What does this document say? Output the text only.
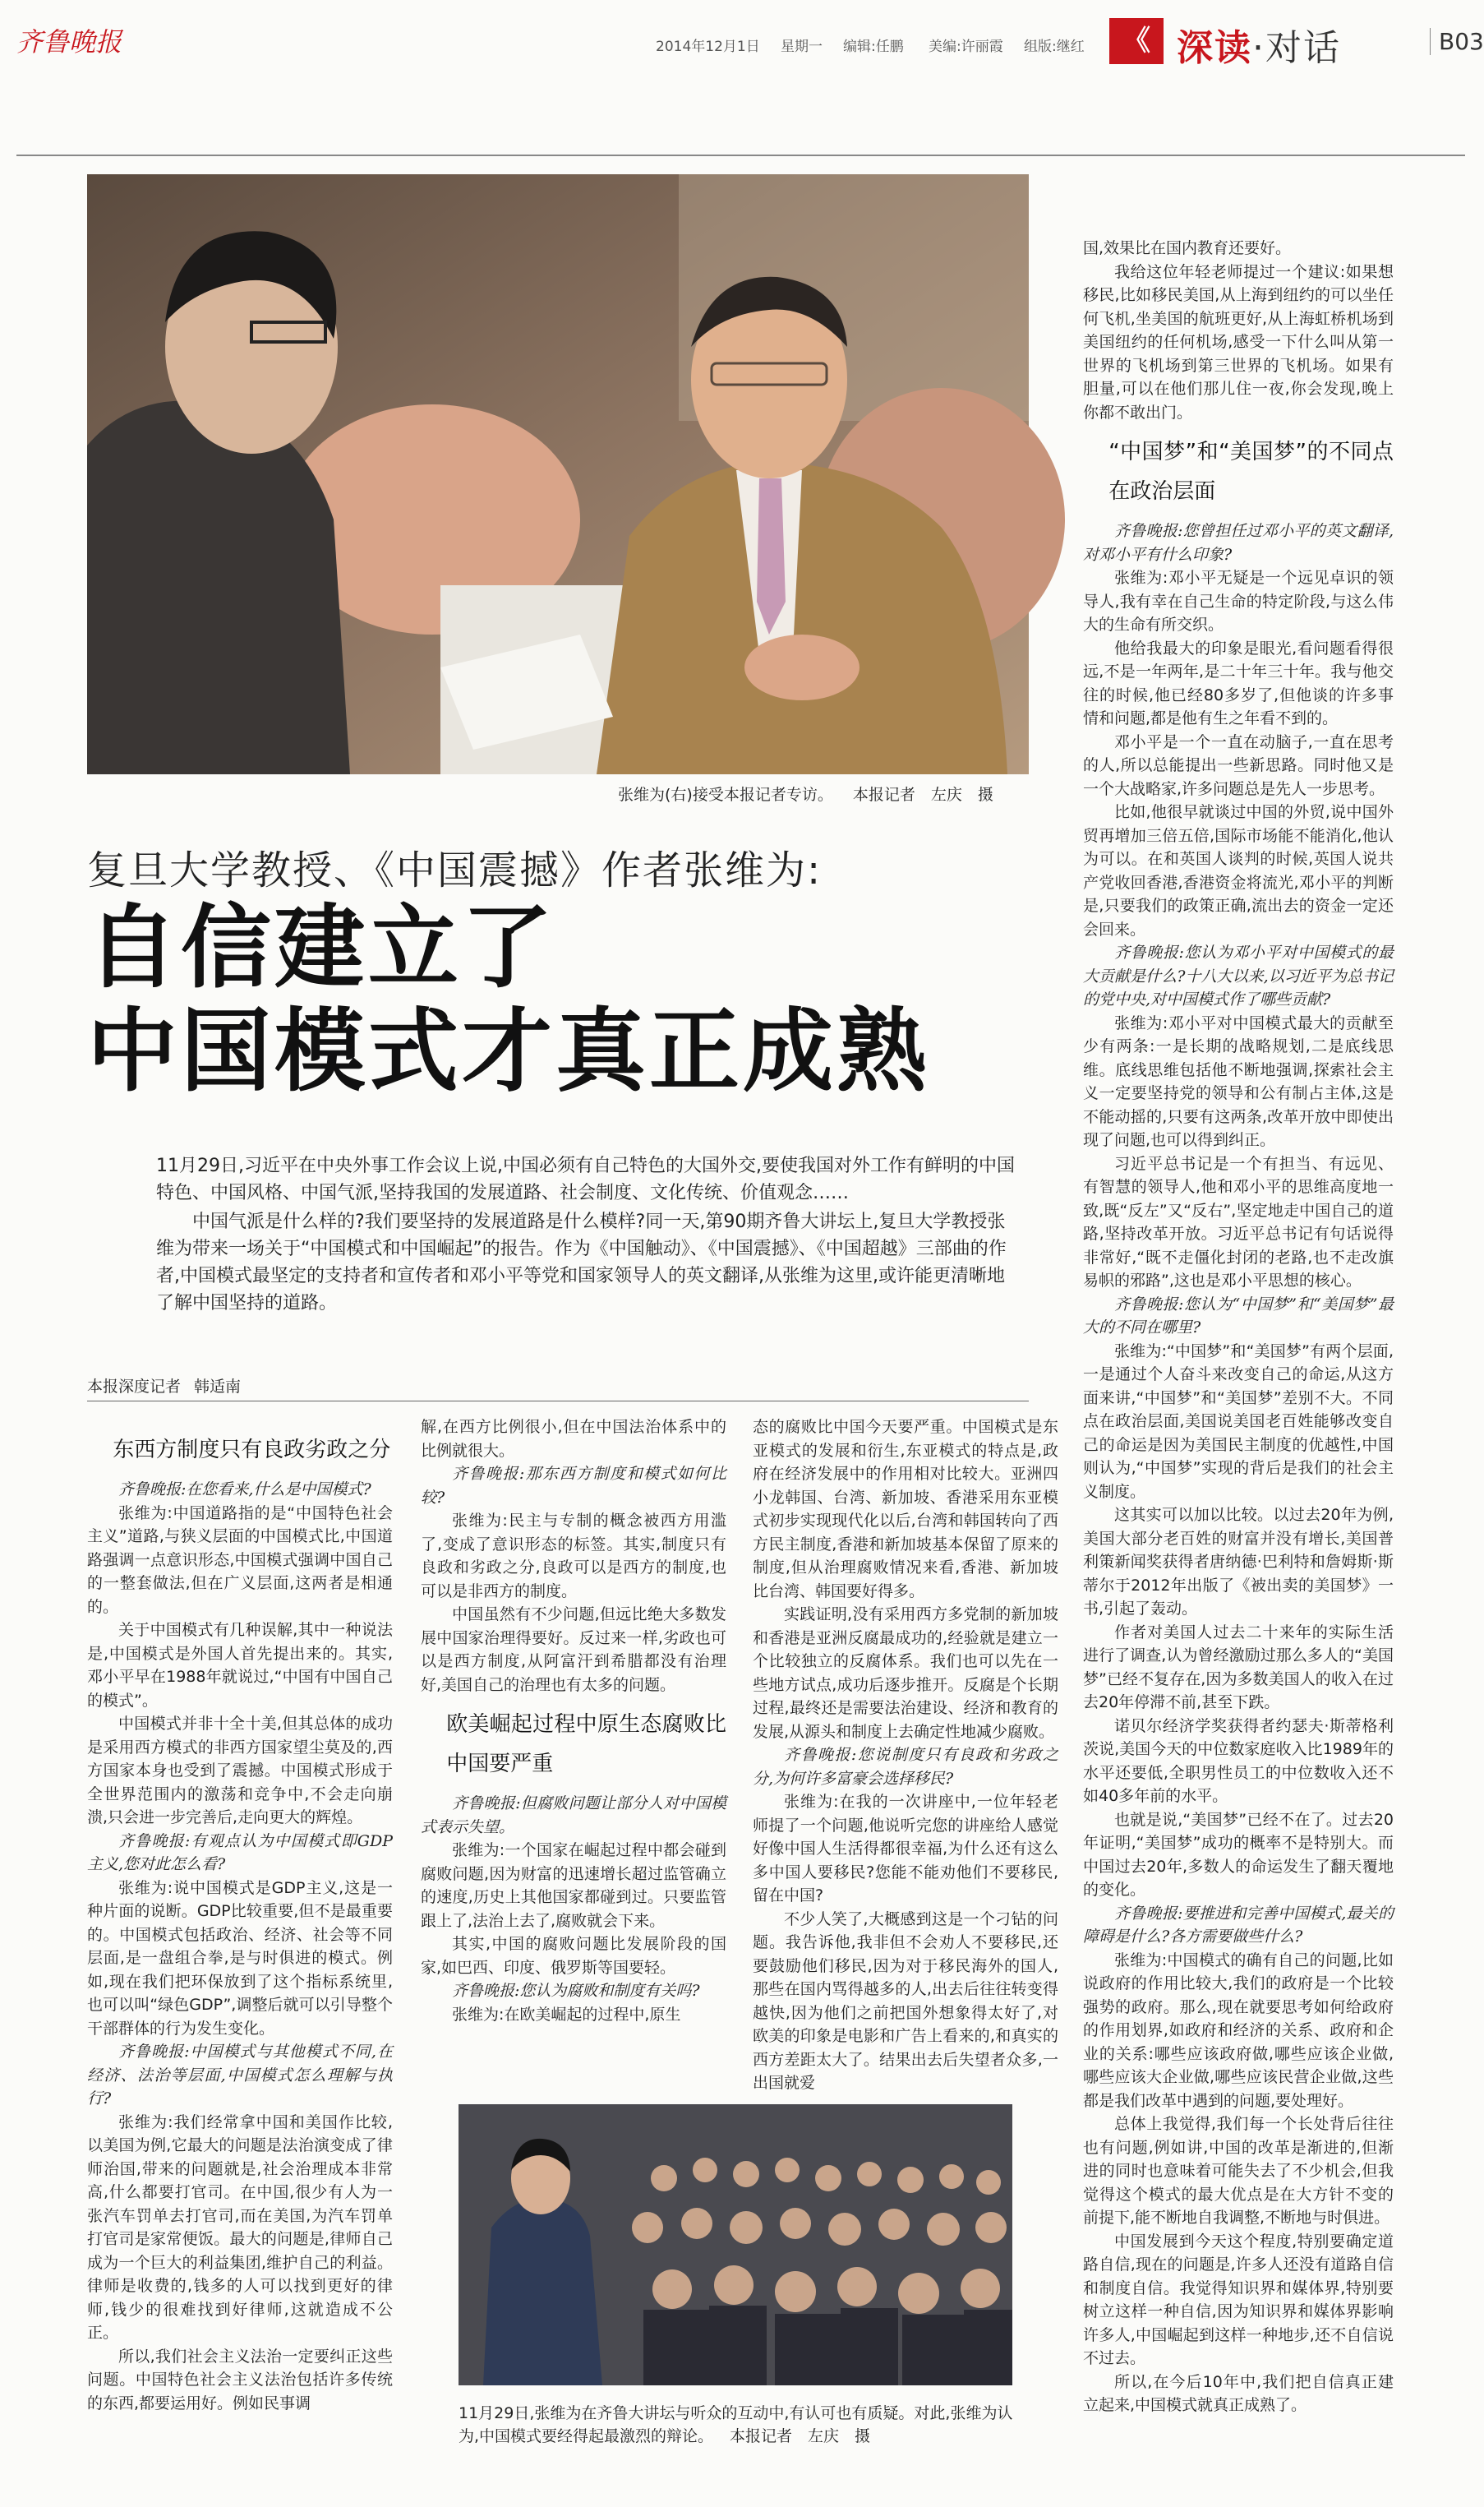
齐鲁晚报	2014年12月1日 星期一 编辑:任鹏 美编:许丽霞 组版:继红	《 深读·对话	B03
张维为(右)接受本报记者专访。 本报记者　左庆　摄
复旦大学教授、《中国震撼》作者张维为:
自信建立了
中国模式才真正成熟

11月29日,习近平在中央外事工作会议上说,中国必须有自己特色的大国外交,要使我国对外工作有鲜明的中国特色、中国风格、中国气派,坚持我国的发展道路、社会制度、文化传统、价值观念……

中国气派是什么样的?我们要坚持的发展道路是什么模样?同一天,第90期齐鲁大讲坛上,复旦大学教授张维为带来一场关于“中国模式和中国崛起”的报告。作为《中国触动》、《中国震撼》、《中国超越》三部曲的作者,中国模式最坚定的支持者和宣传者和邓小平等党和国家领导人的英文翻译,从张维为这里,或许能更清晰地了解中国坚持的道路。

本报深度记者 韩适南
东西方制度只有良政劣政之分

齐鲁晚报:在您看来,什么是中国模式?

张维为:中国道路指的是“中国特色社会主义”道路,与狭义层面的中国模式比,中国道路强调一点意识形态,中国模式强调中国自己的一整套做法,但在广义层面,这两者是相通的。

关于中国模式有几种误解,其中一种说法是,中国模式是外国人首先提出来的。其实,邓小平早在1988年就说过,“中国有中国自己的模式”。

中国模式并非十全十美,但其总体的成功是采用西方模式的非西方国家望尘莫及的,西方国家本身也受到了震撼。中国模式形成于全世界范围内的激荡和竞争中,不会走向崩溃,只会进一步完善后,走向更大的辉煌。

齐鲁晚报:有观点认为中国模式即GDP主义,您对此怎么看?

张维为:说中国模式是GDP主义,这是一种片面的说断。GDP比较重要,但不是最重要的。中国模式包括政治、经济、社会等不同层面,是一盘组合拳,是与时俱进的模式。例如,现在我们把环保放到了这个指标系统里,也可以叫“绿色GDP”,调整后就可以引导整个干部群体的行为发生变化。

齐鲁晚报:中国模式与其他模式不同,在经济、法治等层面,中国模式怎么理解与执行?

张维为:我们经常拿中国和美国作比较,以美国为例,它最大的问题是法治演变成了律师治国,带来的问题就是,社会治理成本非常高,什么都要打官司。在中国,很少有人为一张汽车罚单去打官司,而在美国,为汽车罚单打官司是家常便饭。最大的问题是,律师自己成为一个巨大的利益集团,维护自己的利益。律师是收费的,钱多的人可以找到更好的律师,钱少的很难找到好律师,这就造成不公正。

所以,我们社会主义法治一定要纠正这些问题。中国特色社会主义法治包括许多传统的东西,都要运用好。例如民事调

解,在西方比例很小,但在中国法治体系中的比例就很大。

齐鲁晚报:那东西方制度和模式如何比较?

张维为:民主与专制的概念被西方用滥了,变成了意识形态的标签。其实,制度只有良政和劣政之分,良政可以是西方的制度,也可以是非西方的制度。

中国虽然有不少问题,但远比绝大多数发展中国家治理得要好。反过来一样,劣政也可以是西方制度,从阿富汗到希腊都没有治理好,美国自己的治理也有太多的问题。

欧美崛起过程中原生态腐败比中国要严重

齐鲁晚报:但腐败问题让部分人对中国模式表示失望。

张维为:一个国家在崛起过程中都会碰到腐败问题,因为财富的迅速增长超过监管确立的速度,历史上其他国家都碰到过。只要监管跟上了,法治上去了,腐败就会下来。

其实,中国的腐败问题比发展阶段的国家,如巴西、印度、俄罗斯等国要轻。

齐鲁晚报:您认为腐败和制度有关吗?

张维为:在欧美崛起的过程中,原生

态的腐败比中国今天要严重。中国模式是东亚模式的发展和衍生,东亚模式的特点是,政府在经济发展中的作用相对比较大。亚洲四小龙韩国、台湾、新加坡、香港采用东亚模式初步实现现代化以后,台湾和韩国转向了西方民主制度,香港和新加坡基本保留了原来的制度,但从治理腐败情况来看,香港、新加坡比台湾、韩国要好得多。

实践证明,没有采用西方多党制的新加坡和香港是亚洲反腐最成功的,经验就是建立一个比较独立的反腐体系。我们也可以先在一些地方试点,成功后逐步推开。反腐是个长期过程,最终还是需要法治建设、经济和教育的发展,从源头和制度上去确定性地减少腐败。

齐鲁晚报:您说制度只有良政和劣政之分,为何许多富豪会选择移民?

张维为:在我的一次讲座中,一位年轻老师提了一个问题,他说听完您的讲座给人感觉好像中国人生活得都很幸福,为什么还有这么多中国人要移民?您能不能劝他们不要移民,留在中国?

不少人笑了,大概感到这是一个刁钻的问题。我告诉他,我非但不会劝人不要移民,还要鼓励他们移民,因为对于移民海外的国人,那些在国内骂得越多的人,出去后往往转变得越快,因为他们之前把国外想象得太好了,对欧美的印象是电影和广告上看来的,和真实的西方差距太大了。结果出去后失望者众多,一出国就爱

11月29日,张维为在齐鲁大讲坛与听众的互动中,有认可也有质疑。对此,张维为认为,中国模式要经得起最激烈的辩论。 本报记者　左庆　摄

国,效果比在国内教育还要好。

我给这位年轻老师提过一个建议:如果想移民,比如移民美国,从上海到纽约的可以坐任何飞机,坐美国的航班更好,从上海虹桥机场到美国纽约的任何机场,感受一下什么叫从第一世界的飞机场到第三世界的飞机场。如果有胆量,可以在他们那儿住一夜,你会发现,晚上你都不敢出门。

“中国梦”和“美国梦”的不同点在政治层面

齐鲁晚报:您曾担任过邓小平的英文翻译,对邓小平有什么印象?

张维为:邓小平无疑是一个远见卓识的领导人,我有幸在自己生命的特定阶段,与这么伟大的生命有所交织。

他给我最大的印象是眼光,看问题看得很远,不是一年两年,是二十年三十年。我与他交往的时候,他已经80多岁了,但他谈的许多事情和问题,都是他有生之年看不到的。

邓小平是一个一直在动脑子,一直在思考的人,所以总能提出一些新思路。同时他又是一个大战略家,许多问题总是先人一步思考。

比如,他很早就谈过中国的外贸,说中国外贸再增加三倍五倍,国际市场能不能消化,他认为可以。在和英国人谈判的时候,英国人说共产党收回香港,香港资金将流光,邓小平的判断是,只要我们的政策正确,流出去的资金一定还会回来。

齐鲁晚报:您认为邓小平对中国模式的最大贡献是什么?十八大以来,以习近平为总书记的党中央,对中国模式作了哪些贡献?

张维为:邓小平对中国模式最大的贡献至少有两条:一是长期的战略规划,二是底线思维。底线思维包括他不断地强调,探索社会主义一定要坚持党的领导和公有制占主体,这是不能动摇的,只要有这两条,改革开放中即使出现了问题,也可以得到纠正。

习近平总书记是一个有担当、有远见、有智慧的领导人,他和邓小平的思维高度地一致,既“反左”又“反右”,坚定地走中国自己的道路,坚持改革开放。习近平总书记有句话说得非常好,“既不走僵化封闭的老路,也不走改旗易帜的邪路”,这也是邓小平思想的核心。

齐鲁晚报:您认为“中国梦”和“美国梦”最大的不同在哪里?

张维为:“中国梦”和“美国梦”有两个层面,一是通过个人奋斗来改变自己的命运,从这方面来讲,“中国梦”和“美国梦”差别不大。不同点在政治层面,美国说美国老百姓能够改变自己的命运是因为美国民主制度的优越性,中国则认为,“中国梦”实现的背后是我们的社会主义制度。

这其实可以加以比较。以过去20年为例,美国大部分老百姓的财富并没有增长,美国普利策新闻奖获得者唐纳德·巴利特和詹姆斯·斯蒂尔于2012年出版了《被出卖的美国梦》一书,引起了轰动。

作者对美国人过去二十来年的实际生活进行了调查,认为曾经激励过那么多人的“美国梦”已经不复存在,因为多数美国人的收入在过去20年停滞不前,甚至下跌。

诺贝尔经济学奖获得者约瑟夫·斯蒂格利茨说,美国今天的中位数家庭收入比1989年的水平还要低,全职男性员工的中位数收入还不如40多年前的水平。

也就是说,“美国梦”已经不在了。过去20年证明,“美国梦”成功的概率不是特别大。而中国过去20年,多数人的命运发生了翻天覆地的变化。

齐鲁晚报:要推进和完善中国模式,最关的障碍是什么?各方需要做些什么?

张维为:中国模式的确有自己的问题,比如说政府的作用比较大,我们的政府是一个比较强势的政府。那么,现在就要思考如何给政府的作用划界,如政府和经济的关系、政府和企业的关系:哪些应该政府做,哪些应该企业做,哪些应该大企业做,哪些应该民营企业做,这些都是我们改革中遇到的问题,要处理好。

总体上我觉得,我们每一个长处背后往往也有问题,例如讲,中国的改革是渐进的,但渐进的同时也意味着可能失去了不少机会,但我觉得这个模式的最大优点是在大方针不变的前提下,能不断地自我调整,不断地与时俱进。

中国发展到今天这个程度,特别要确定道路自信,现在的问题是,许多人还没有道路自信和制度自信。我觉得知识界和媒体界,特别要树立这样一种自信,因为知识界和媒体界影响许多人,中国崛起到这样一种地步,还不自信说不过去。

所以,在今后10年中,我们把自信真正建立起来,中国模式就真正成熟了。
